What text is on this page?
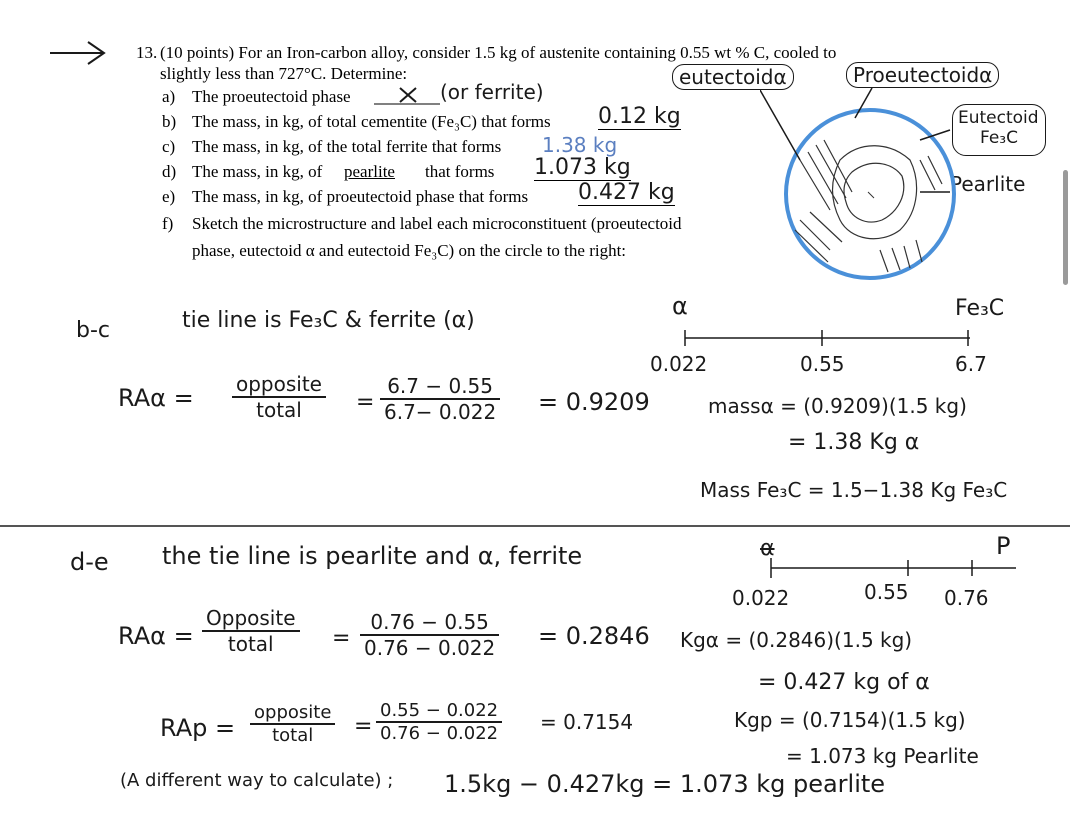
13. (10 points) For an Iron-carbon alloy, consider 1.5 kg of austenite containing 0.55 wt % C, cooled to
slightly less than 727°C. Determine:
a) The proeutectoid phase	(or ferrite)
b) The mass, in kg, of total cementite (Fe₃C) that forms 0.12 kg
c) The mass, in kg, of the total ferrite that forms 1.38 kg
d) The mass, in kg, of pearlite that forms 1.073 kg
e) The mass, in kg, of proeutectoid phase that forms 0.427 kg
f) Sketch the microstructure and label each microconstituent (proeutectoid
phase, eutectoid α and eutectoid Fe₃C) on the circle to the right:
eutectoidα	Proeutectoidα
Eutectoid
Fe₃C
Pearlite
b-c	tie line is Fe₃C & ferrite (α)
α	Fe₃C
0.022	0.55	6.7
RAα = opposite
total	= $\frac{6.7 - 0.55}{6.7- 0.022} = 0.9209$	massα = (0.9209)(1.5 kg)
= 1.38 Kg α
Mass Fe₃C = 1.5−1.38 Kg Fe₃C
d-e the tie line is pearlite and α, ferrite	α	P
0.022	0.55 0.76
RAα =
Opposite
total	= $\frac{0.76 - 0.55}{0.76 - 0.022} = 0.2846$ Kgα = (0.2846)(1.5 kg)
= 0.427 kg of α
RAp =
opposite
total	= $\frac{0.55 - 0.022}{0.76 - 0.022} = 0.7154$	Kgp = (0.7154)(1.5 kg)
= 1.073 kg Pearlite
(A different way to calculate) ; 1.5kg − 0.427kg = 1.073 kg pearlite
